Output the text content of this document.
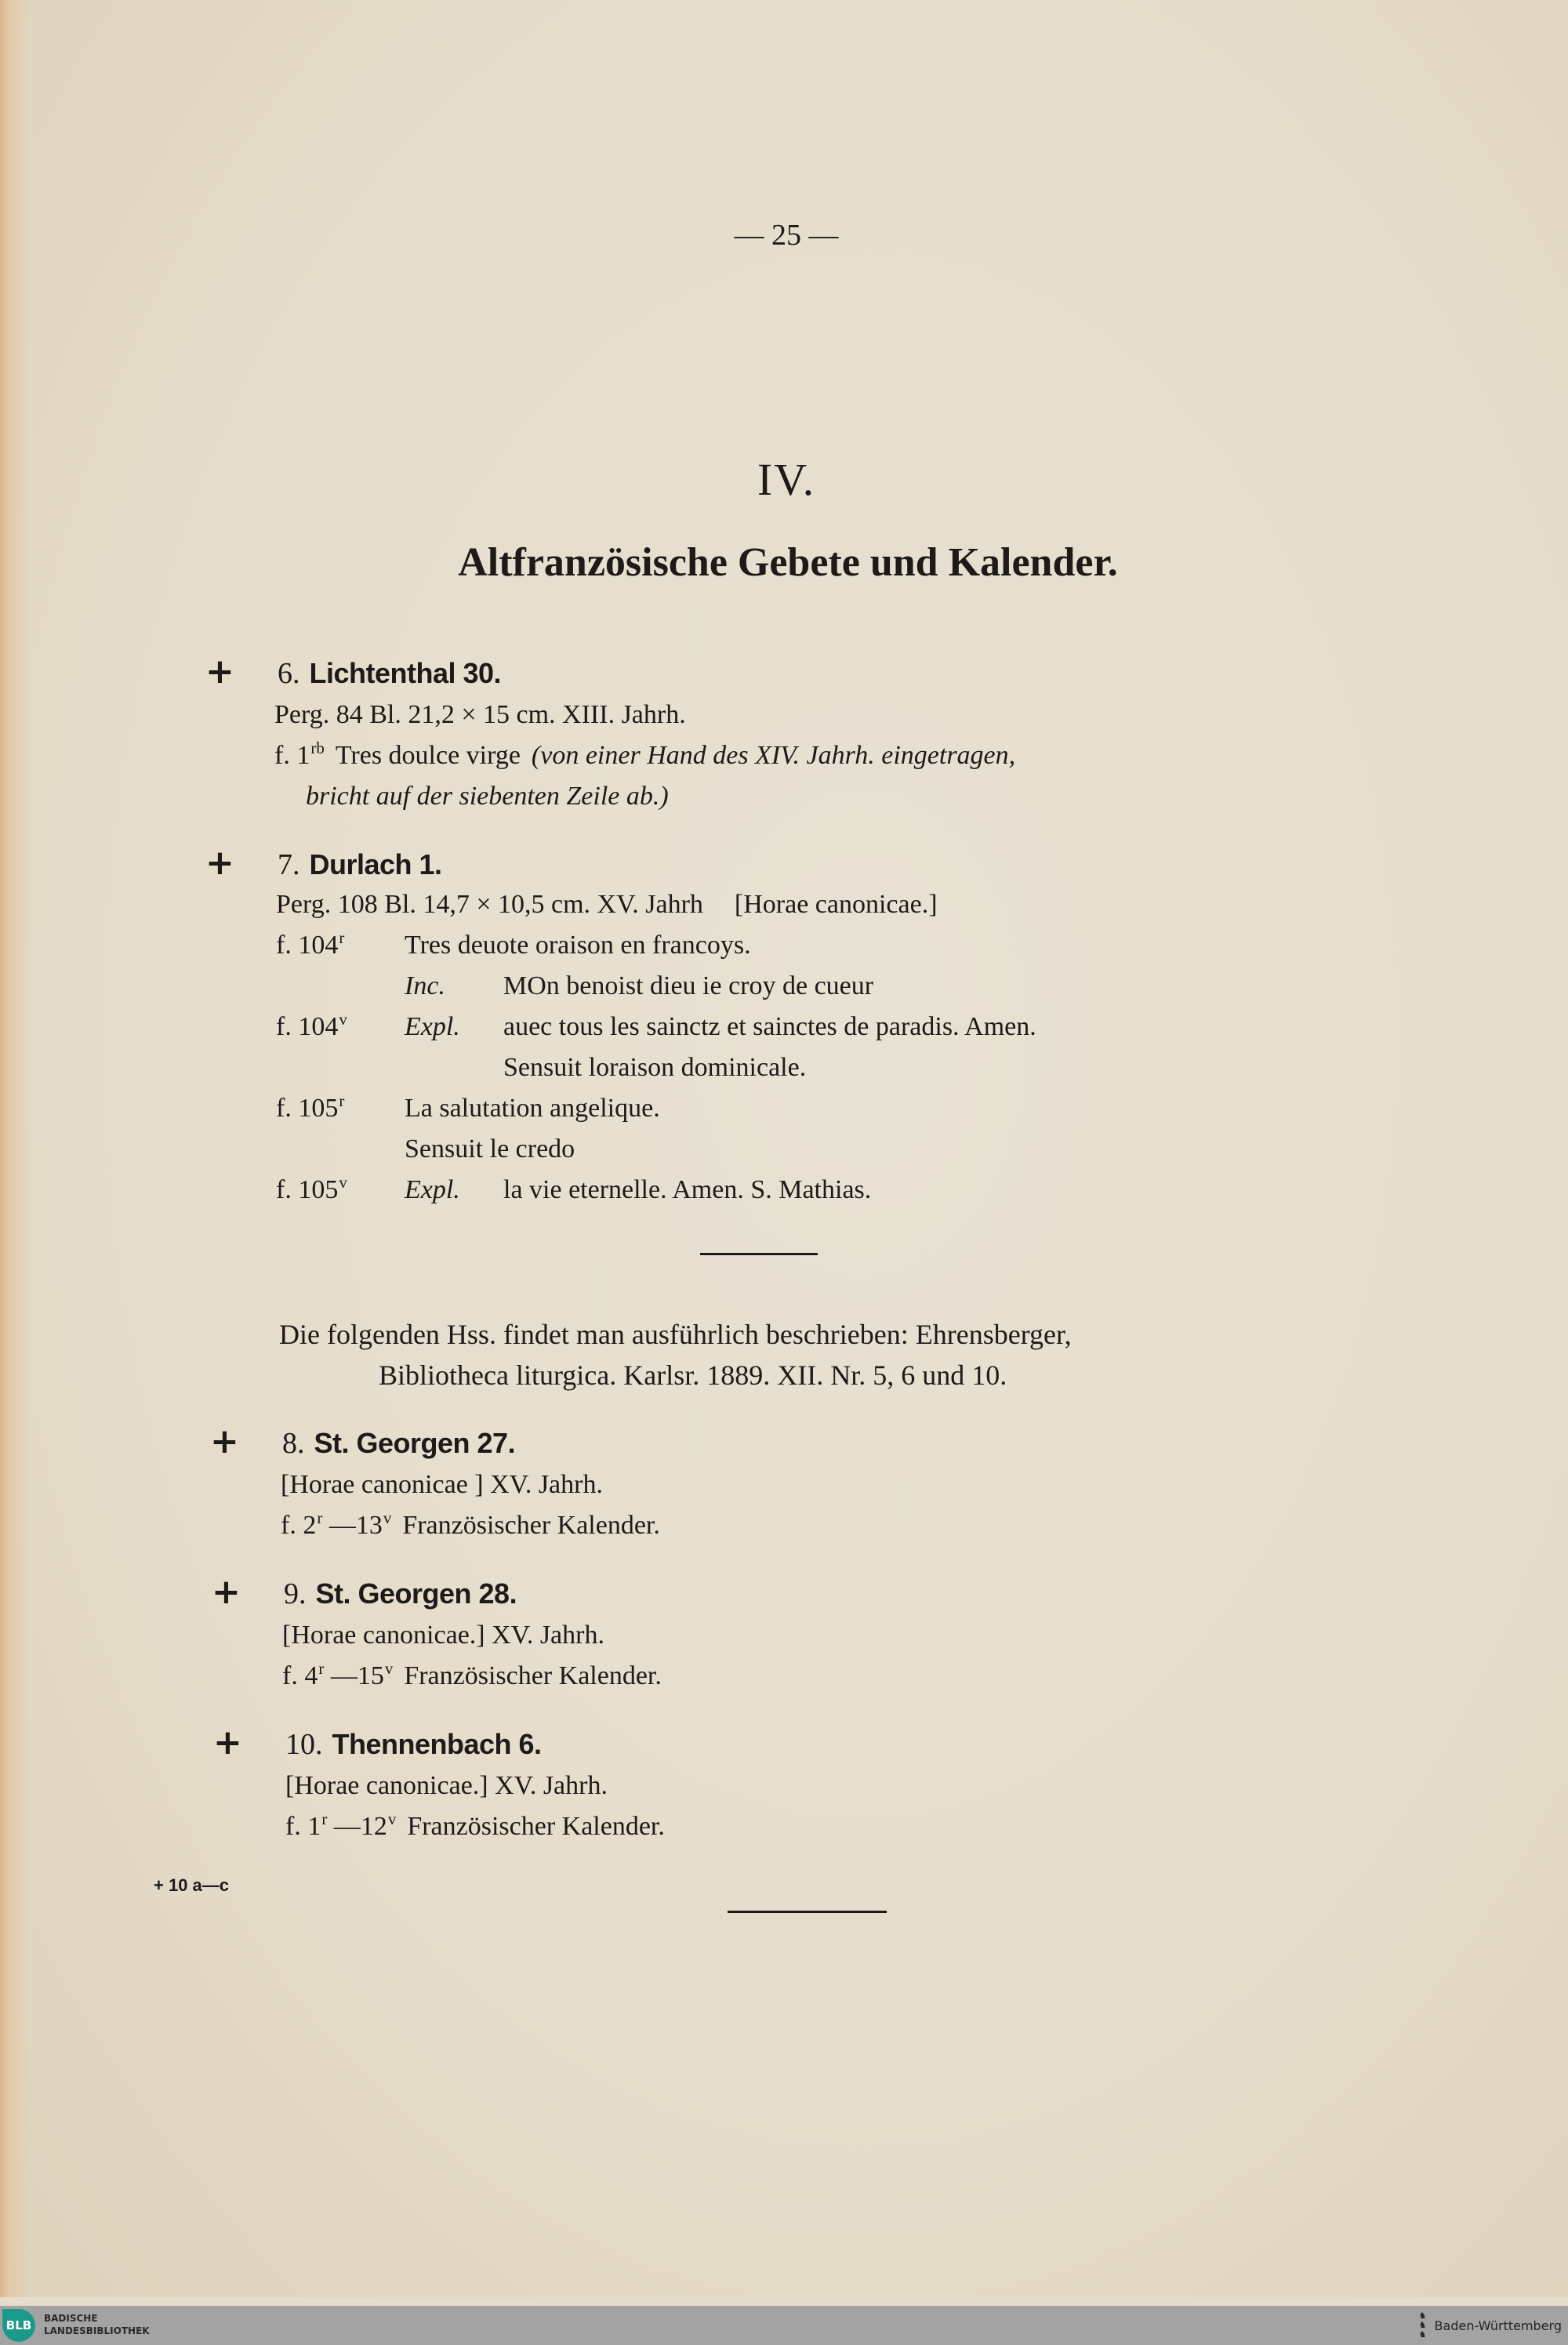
— 25 —
IV.
Altfranzösische Gebete und Kalender.
+	6. Lichtenthal 30.
Perg. 84 Bl. 21,2 × 15 cm. XIII. Jahrh.
f. $1^{rb}$ Tres doulce virge (von einer Hand des XIV. Jahrh. eingetragen,
bricht auf der siebenten Zeile ab.)
+	7. Durlach 1.
Perg. 108 Bl. 14,7 × 10,5 cm. XV. Jahrh [Horae canonicae.]
f. 104$^r$	Tres deuote oraison en francoys.
Inc.	MOn benoist dieu ie croy de cueur
f. 104$^v$	Expl.	auec tous les sainctz et sainctes de paradis. Amen.
Sensuit loraison dominicale.
f. 105$^r$	La salutation angelique.
Sensuit le credo
f. 105$^v$	Expl.	la vie eternelle. Amen. S. Mathias.
Die folgenden Hss. findet man ausführlich beschrieben: Ehrensberger,
Bibliotheca liturgica. Karlsr. 1889. XII. Nr. 5, 6 und 10.
+	8. St. Georgen 27.
[Horae canonicae ] XV. Jahrh.
f. 2$^r$ —13$^v$ Französischer Kalender.
+	9. St. Georgen 28.
[Horae canonicae.] XV. Jahrh.
f. 4$^r$ —15$^v$ Französischer Kalender.
+	10. Thennenbach 6.
[Horae canonicae.] XV. Jahrh.
f. 1$^r$ —12$^v$ Französischer Kalender.
+ 10 a—c
BLB	BADISCHE
LANDESBIBLIOTHEK
♞
♞
♞
Baden-Württemberg
